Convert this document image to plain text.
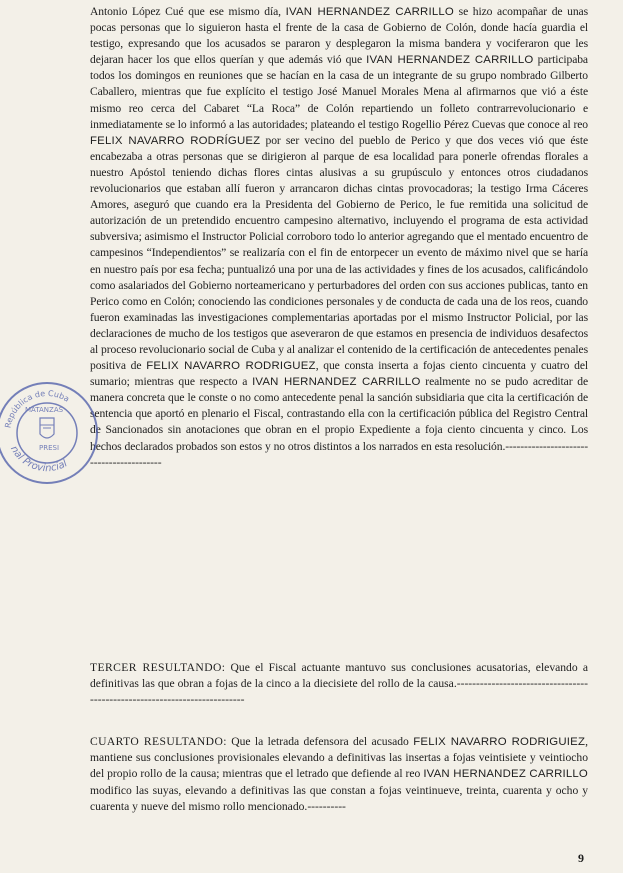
Antonio López Cué que ese mismo día, IVAN HERNANDEZ CARRILLO se hizo acompañar de unas pocas personas que lo siguieron hasta el frente de la casa de Gobierno de Colón, donde hacía guardia el testigo, expresando que los acusados se pararon y desplegaron la misma bandera y vociferaron que les dejaran hacer los que ellos querían y que además vió que IVAN HERNANDEZ CARRILLO participaba todos los domingos en reuniones que se hacían en la casa de un integrante de su grupo nombrado Gilberto Caballero, mientras que fue explícito el testigo José Manuel Morales Mena al afirmarnos que vió a éste mismo reo cerca del Cabaret “La Roca” de Colón repartiendo un folleto contrarrevolucionario e inmediatamente se lo informó a las autoridades; plateando el testigo Rogellio Pérez Cuevas que conoce al reo FELIX NAVARRO RODRÍGUEZ por ser vecino del pueblo de Perico y que dos veces vió que éste encabezaba a otras personas que se dirigieron al parque de esa localidad para ponerle ofrendas florales a nuestro Apóstol teniendo dichas flores cintas alusivas a su grupúsculo y entonces otros ciudadanos revolucionarios que estaban allí fueron y arrancaron dichas cintas provocadoras; la testigo Irma Cáceres Amores, aseguró que cuando era la Presidenta del Gobierno de Perico, le fue remitida una solicitud de autorización de un pretendido encuentro campesino alternativo, incluyendo el programa de esta actividad subversiva; asimismo el Instructor Policial corroboro todo lo anterior agregando que el mentado encuentro de campesinos “Independientos” se realizaría con el fin de entorpecer un evento de máximo nivel que se haría en nuestro país por esa fecha; puntualizó una por una de las actividades y fines de los acusados, calificándolo como asalariados del Gobierno norteamericano y perturbadores del orden con sus acciones publicas, tanto en Perico como en Colón; conociendo las condiciones personales y de conducta de cada una de los reos, cuando fueron examinadas las investigaciones complementarias aportadas por el mismo Instructor Policial, por las declaraciones de mucho de los testigos que aseveraron de que estamos en presencia de individuos desafectos al proceso revolucionario social de Cuba y al analizar el contenido de la certificación de antecedentes penales positiva de FELIX NAVARRO RODRIGUEZ, que consta inserta a fojas ciento cincuenta y cuatro del sumario; mientras que respecto a IVAN HERNANDEZ CARRILLO realmente no se pudo acreditar de manera concreta que le conste o no como antecedente penal la sanción subsidiaria que cita la certificación de sentencia que aportó en plenario el Fiscal, contrastando ella con la certificación pública del Registro Central de Sancionados sin anotaciones que obran en el propio Expediente a foja ciento cincuenta y cinco. Los hechos declarados probados son estos y no otros distintos a los narrados en esta resolución.-----------------------------------------

TERCER RESULTANDO: Que el Fiscal actuante mantuvo sus conclusiones acusatorias, elevando a definitivas las que obran a fojas de la cinco a la diecisiete del rollo de la causa.--------------------------------------------------------------------------

CUARTO RESULTANDO: Que la letrada defensora del acusado FELIX NAVARRO RODRIGUIEZ, mantiene sus conclusiones provisionales elevando a definitivas las insertas a fojas veintisiete y veintiocho del propio rollo de la causa; mientras que el letrado que defiende al reo IVAN HERNANDEZ CARRILLO modifico las suyas, elevando a definitivas las que constan a fojas veintinueve, treinta, cuarenta y ocho y cuarenta y nueve del mismo rollo mencionado.----------

9
República de Cuba
MATANZAS
PRESI
nal Provincial
